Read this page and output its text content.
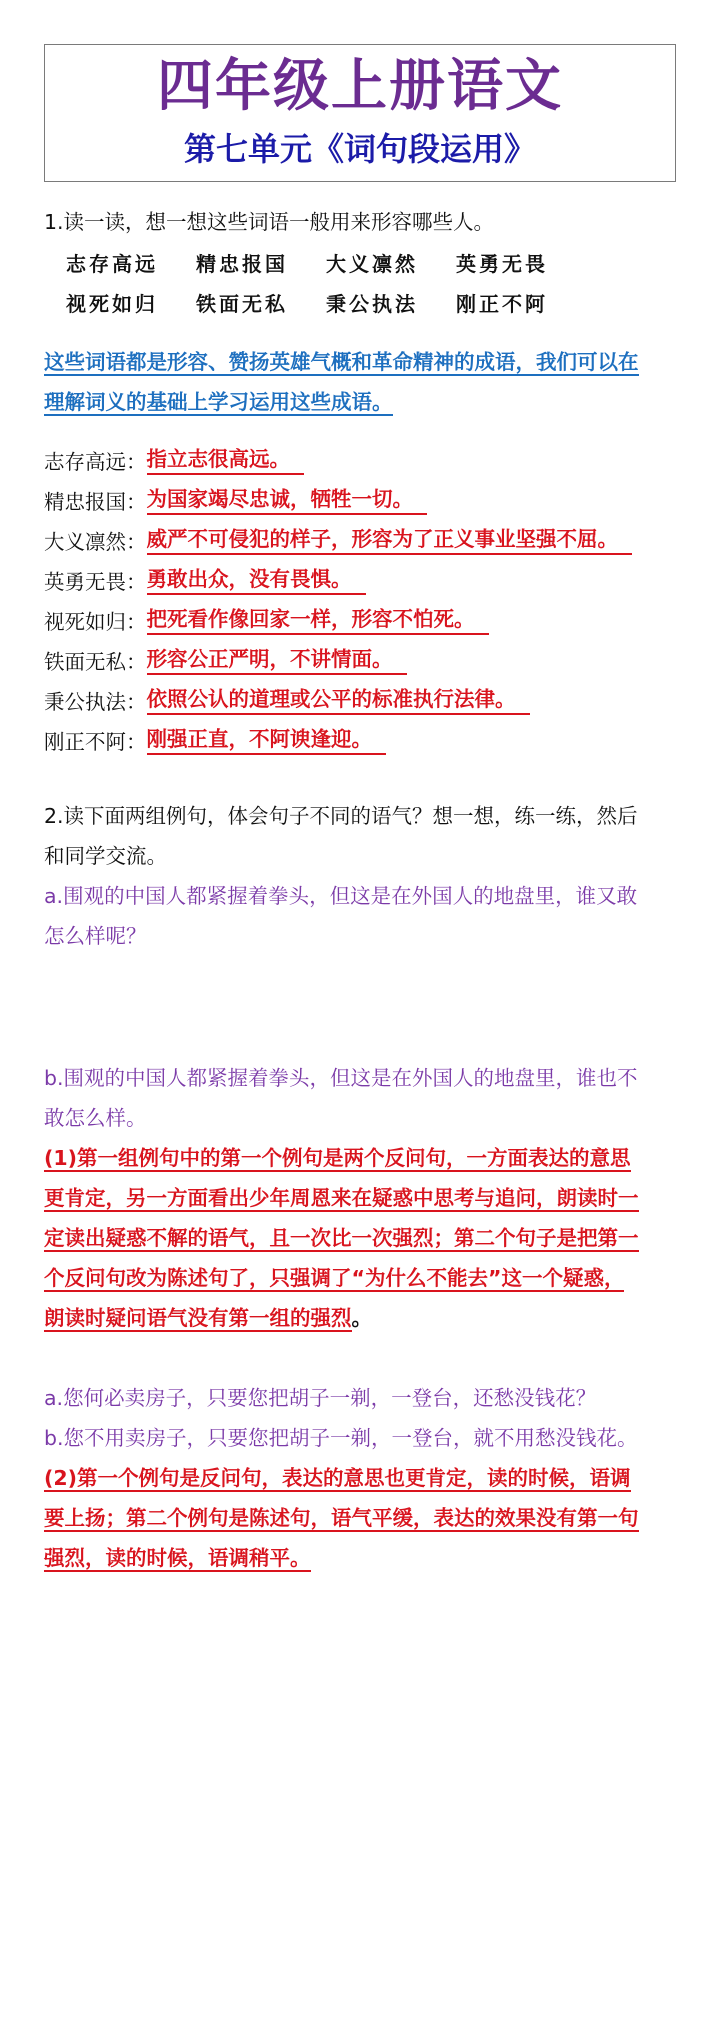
四年级上册语文
第七单元《词句段运用》
1.读一读，想一想这些词语一般用来形容哪些人。
志存高远	精忠报国	大义凛然	英勇无畏
视死如归	铁面无私	秉公执法	刚正不阿
这些词语都是形容、赞扬英雄气概和革命精神的成语，我们可以在
理解词义的基础上学习运用这些成语。
志存高远： 指立志很高远。
精忠报国： 为国家竭尽忠诚，牺牲一切。
大义凛然： 威严不可侵犯的样子，形容为了正义事业坚强不屈。
英勇无畏： 勇敢出众，没有畏惧。
视死如归： 把死看作像回家一样，形容不怕死。
铁面无私： 形容公正严明，不讲情面。
秉公执法： 依照公认的道理或公平的标准执行法律。
刚正不阿： 刚强正直，不阿谀逢迎。
2.读下面两组例句，体会句子不同的语气？想一想，练一练，然后
和同学交流。
a.围观的中国人都紧握着拳头，但这是在外国人的地盘里，谁又敢
怎么样呢？
b.围观的中国人都紧握着拳头，但这是在外国人的地盘里，谁也不
敢怎么样。
(1)第一组例句中的第一个例句是两个反问句，一方面表达的意思
更肯定，另一方面看出少年周恩来在疑惑中思考与追问，朗读时一
定读出疑惑不解的语气，且一次比一次强烈；第二个句子是把第一
个反问句改为陈述句了，只强调了“为什么不能去”这一个疑惑，
朗读时疑问语气没有第一组的强烈。
a.您何必卖房子，只要您把胡子一剃，一登台，还愁没钱花？
b.您不用卖房子，只要您把胡子一剃，一登台，就不用愁没钱花。
(2)第一个例句是反问句，表达的意思也更肯定，读的时候，语调
要上扬；第二个例句是陈述句，语气平缓，表达的效果没有第一句
强烈，读的时候，语调稍平。
